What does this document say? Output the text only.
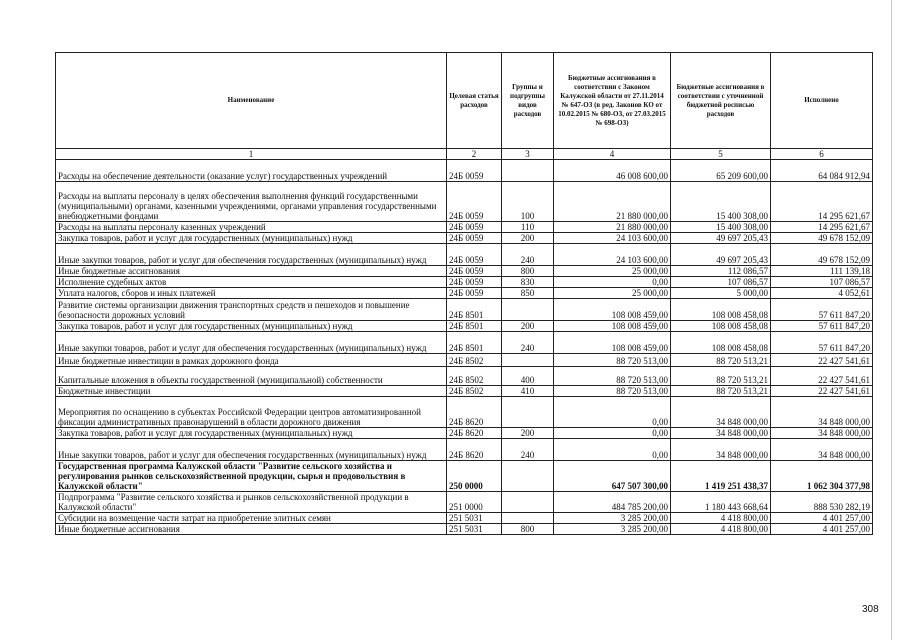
Наименование	Целевая статья расходов	Группы и подгруппы видов расходов	Бюджетные ассигнования в соответствии с Законом Калужской области от 27.11.2014 № 647-ОЗ (в ред. Законов КО от 10.02.2015 № 680-ОЗ, от 27.03.2015 № 698-ОЗ)	Бюджетные ассигнования в соответствии с уточненной бюджетной росписью расходов	Исполнено
1	2	3	4	5	6
Расходы на обеспечение деятельности (оказание услуг) государственных учреждений	24Б 0059		46 008 600,00	65 209 600,00	64 084 912,94
Расходы на выплаты персоналу в целях обеспечения выполнения функций государственными (муниципальными) органами, казенными учреждениями, органами управления государственными внебюджетными фондами	24Б 0059	100	21 880 000,00	15 400 308,00	14 295 621,67
Расходы на выплаты персоналу казенных учреждений	24Б 0059	110	21 880 000,00	15 400 308,00	14 295 621,67
Закупка товаров, работ и услуг для государственных (муниципальных) нужд	24Б 0059	200	24 103 600,00	49 697 205,43	49 678 152,09
Иные закупки товаров, работ и услуг для обеспечения государственных (муниципальных) нужд	24Б 0059	240	24 103 600,00	49 697 205,43	49 678 152,09
Иные бюджетные ассигнования	24Б 0059	800	25 000,00	112 086,57	111 139,18
Исполнение судебных актов	24Б 0059	830	0,00	107 086,57	107 086,57
Уплата налогов, сборов и иных платежей	24Б 0059	850	25 000,00	5 000,00	4 052,61
Развитие системы организации движения транспортных средств и пешеходов и повышение безопасности дорожных условий	24Б 8501		108 008 459,00	108 008 458,08	57 611 847,20
Закупка товаров, работ и услуг для государственных (муниципальных) нужд	24Б 8501	200	108 008 459,00	108 008 458,08	57 611 847,20
Иные закупки товаров, работ и услуг для обеспечения государственных (муниципальных) нужд	24Б 8501	240	108 008 459,00	108 008 458,08	57 611 847,20
Иные бюджетные инвестиции в рамках дорожного фонда	24Б 8502		88 720 513,00	88 720 513,21	22 427 541,61
Капитальные вложения в объекты государственной (муниципальной) собственности	24Б 8502	400	88 720 513,00	88 720 513,21	22 427 541,61
Бюджетные инвестиции	24Б 8502	410	88 720 513,00	88 720 513,21	22 427 541,61
Мероприятия по оснащению в субъектах Российской Федерации центров автоматизированной фиксации административных правонарушений в области дорожного движения	24Б 8620		0,00	34 848 000,00	34 848 000,00
Закупка товаров, работ и услуг для государственных (муниципальных) нужд	24Б 8620	200	0,00	34 848 000,00	34 848 000,00
Иные закупки товаров, работ и услуг для обеспечения государственных (муниципальных) нужд	24Б 8620	240	0,00	34 848 000,00	34 848 000,00
Государственная программа Калужской области "Развитие сельского хозяйства и регулирования рынков сельскохозяйственной продукции, сырья и продовольствия в Калужской области"	250 0000		647 507 300,00	1 419 251 438,37	1 062 304 377,98
Подпрограмма "Развитие сельского хозяйства и рынков сельскохозяйственной продукции в Калужской области"	251 0000		484 785 200,00	1 180 443 668,64	888 530 282,19
Субсидии на возмещение части затрат на приобретение элитных семян	251 5031		3 285 200,00	4 418 800,00	4 401 257,00
Иные бюджетные ассигнования	251 5031	800	3 285 200,00	4 418 800,00	4 401 257,00
308
